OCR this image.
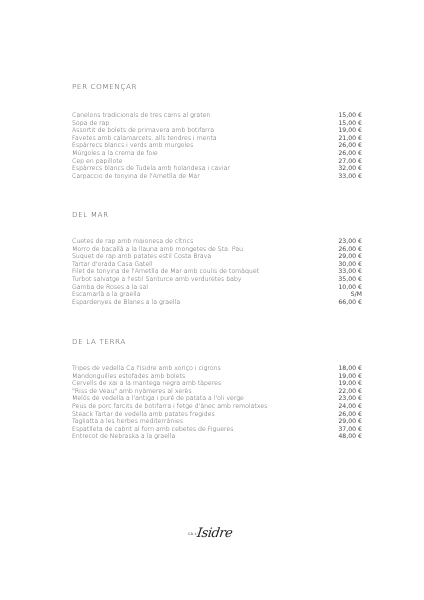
PER COMENÇAR
Canelons tradicionals de tres carns al graten	15,00 €
Sopa de rap	15,00 €
Assortit de bolets de primavera amb botifarra	19,00 €
Favetes amb calamarcets, alls tendres i menta	21,00 €
Espàrrecs blancs i verds amb murgoles	26,00 €
Múrgoles a la crema de foie	26,00 €
Cep en papillote	27,00 €
Espàrrecs blancs de Tudela amb holandesa i caviar	32,00 €
Carpaccio de tonyina de l'Ametlla de Mar	33,00 €
DEL MAR
Cuetes de rap amb maionesa de cítrics	23,00 €
Morro de bacallà a la llauna amb mongetes de Sta. Pau	26,00 €
Suquet de rap amb patates estil Costa Brava	29,00 €
Tartar d'orada Casa Gatell	30,00 €
Filet de tonyina de l'Ametlla de Mar amb coulis de tomàquet	33,00 €
Turbot salvatge a l'estil Santurce amb verduretes baby	35,00 €
Gamba de Roses a la sal	10,00 €
Escamarlà a la graella	S/M
Espardenyes de Blanes a la graella	66,00 €
DE LA TERRA
Tripes de vedella Ca l'Isidre amb xoriço i cigrons	18,00 €
Mandonguilles estofades amb bolets	19,00 €
Cervells de xai a la mantega negra amb tàperes	19,00 €
"Riss de Veau" amb nyàmeres al xerès	22,00 €
Melós de vedella a l'antiga i puré de patata a l'oli verge	23,00 €
Peus de porc farcits de botifarra i fetge d'ànec amb remolatxes	24,00 €
Steack Tartar de vedella amb patates fregides	26,00 €
Tagliatta a les herbes mediterrànies	29,00 €
Espatlleta de cabrit al forn amb cebetes de Figueres	37,00 €
Entrecot de Nebraska a la graella	48,00 €
CA L'
Isidre
